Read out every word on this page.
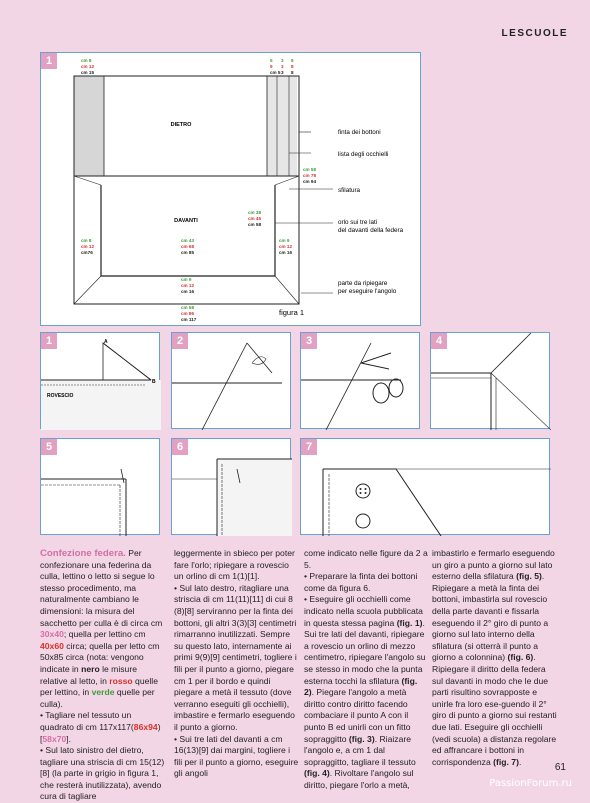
LESCUOLE
1
DIETRO
DAVANTI
finta dei bottoni
lista degli occhielli
sfilatura
orlo sui tre lati
del davanti della federa
parte da ripiegare
per eseguire l'angolo
figura 1
cm 8
cm 12
cm 15
5
9
cm 5
3
3
3
8
8
8
cm 58
cm 78
cm 94
cm 38
cm 45
cm 58
cm 8
cm 12
cm76
cm 43
cm 68
cm 85
cm 9
cm 12
cm 16
cm 9
cm 12
cm 16
cm 58
cm 86
cm 117
1	A
B
ROVESCIO
2	3	4
5	6	7

Confezione federa. Per confezionare una federina da culla, lettino o letto si segue lo stesso procedimento, ma naturalmente cambiano le dimensioni: la misura del sacchetto per culla è di circa cm 30x40; quella per lettino cm 40x60 circa; quella per letto cm 50x85 circa (nota: vengono indicate in nero le misure relative al letto, in rosso quelle per lettino, in verde quelle per culla).
• Tagliare nel tessuto un quadrato di cm 117x117(86x94)[58x70].
• Sul lato sinistro del dietro, tagliare una striscia di cm 15(12)[8] (la parte in grigio in figura 1, che resterà inutilizzata), avendo cura di tagliare

leggermente in sbieco per poter fare l'orlo; ripiegare a rovescio un orlino di cm 1(1)[1].
• Sul lato destro, ritagliare una striscia di cm 11(11)[11] di cui 8 (8)[8] serviranno per la finta dei bottoni, gli altri 3(3)[3] centimetri rimarranno inutilizzati. Sempre su questo lato, internamente ai primi 9(9)[9] centimetri, togliere i fili per il punto a giorno, piegare cm 1 per il bordo e quindi piegare a metà il tessuto (dove verranno eseguiti gli occhielli), imbastire e fermarlo eseguendo il punto a giorno.
• Sui tre lati del davanti a cm 16(13)[9] dai margini, togliere i fili per il punto a giorno, eseguire gli angoli

come indicato nelle figure da 2 a 5.
• Preparare la finta dei bottoni come da figura 6.
• Eseguire gli occhielli come indicato nella scuola pubblicata in questa stessa pagina (fig. 1). Sui tre lati del davanti, ripiegare a rovescio un orlino di mezzo centimetro, ripiegare l'angolo su se stesso in modo che la punta esterna tocchi la sfilatura (fig. 2). Piegare l'angolo a metà diritto contro diritto facendo combaciare il punto A con il punto B ed unirli con un fitto sopraggitto (fig. 3). Riaizare l'angolo e, a cm 1 dal sopraggitto, tagliare il tessuto (fig. 4). Rivoltare l'angolo sul diritto, piegare l'orlo a metà,

imbastirlo e fermarlo eseguendo un giro a punto a giorno sul lato esterno della sfilatura (fig. 5).
Ripiegare a metà la finta dei bottoni, imbastirla sul rovescio della parte davanti e fissarla eseguendo il 2° giro di punto a giorno sul lato interno della sfilatura (si otterrà il punto a giorno a colonnina) (fig. 6). Ripiegare il diritto della federa sul davanti in modo che le due parti risultino sovrapposte e unirle fra loro ese-guendo il 2° giro di punto a giorno sui restanti due lati. Eseguire gli occhielli (vedi scuola) a distanza regolare ed affrancare i bottoni in corrispondenza (fig. 7).

61
PassionForum.ru
